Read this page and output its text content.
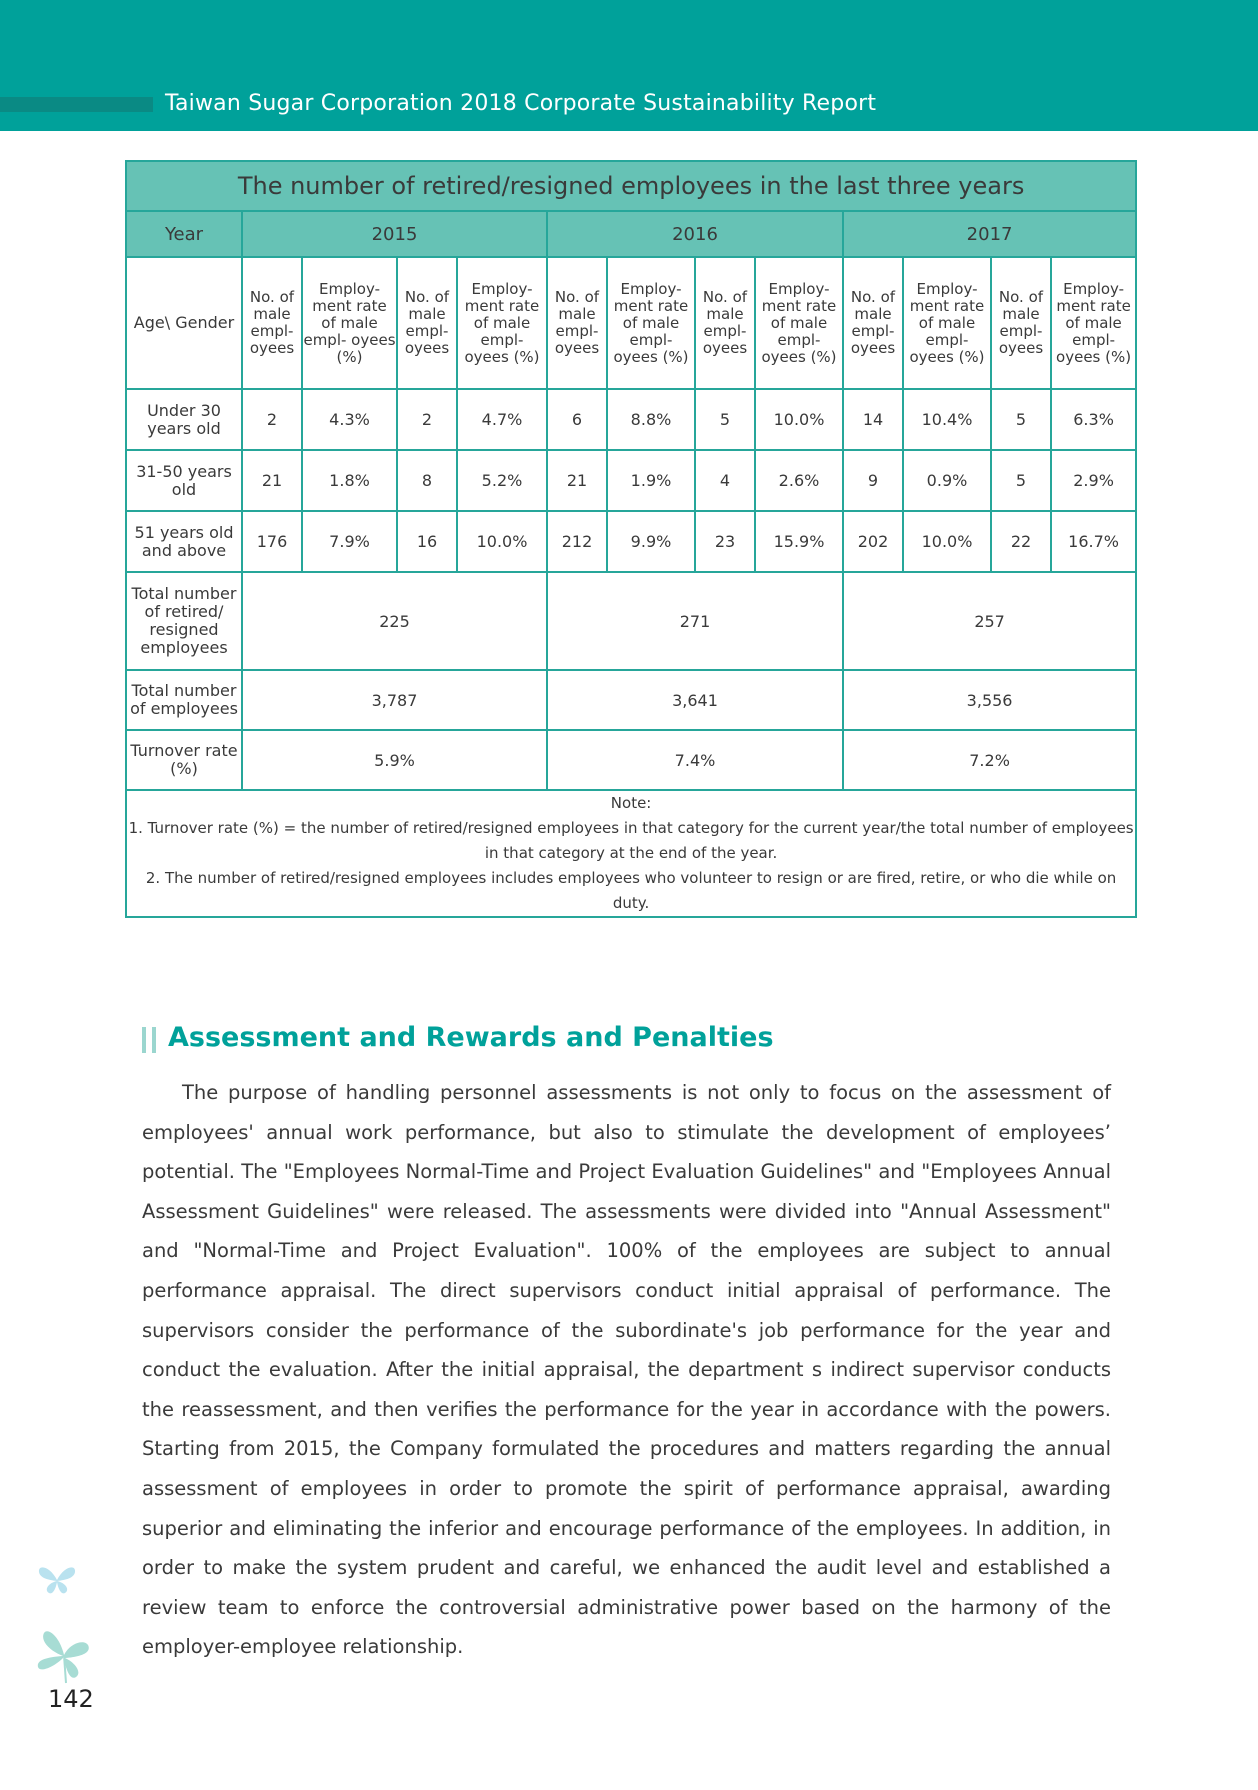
Taiwan Sugar Corporation 2018 Corporate Sustainability Report
The number of retired/resigned employees in the last three years												
Year	2015				2016				2017			
Age\ Gender	No. of male empl- oyees	Employ- ment rate of male empl- oyees (%)	No. of male empl- oyees	Employ- ment rate of male empl- oyees (%)	No. of male empl- oyees	Employ- ment rate of male empl- oyees (%)	No. of male empl- oyees	Employ- ment rate of male empl- oyees (%)	No. of male empl- oyees	Employ- ment rate of male empl- oyees (%)	No. of male empl- oyees	Employ- ment rate of male empl- oyees (%)
Under 30 years old	2	4.3%	2	4.7%	6	8.8%	5	10.0%	14	10.4%	5	6.3%
31-50 years old	21	1.8%	8	5.2%	21	1.9%	4	2.6%	9	0.9%	5	2.9%
51 years old and above	176	7.9%	16	10.0%	212	9.9%	23	15.9%	202	10.0%	22	16.7%
Total number of retired/ resigned employees	225				271				257			
Total number of employees	3,787				3,641				3,556			
Turnover rate (%)	5.9%				7.4%				7.2%			

Note:
1. Turnover rate (%) = the number of retired/resigned employees in that category for the current year/the total number of employees in that category at the end of the year.
2. The number of retired/resigned employees includes employees who volunteer to resign or are fired, retire, or who die while on duty.												
Assessment and Rewards and Penalties
The purpose of handling personnel assessments is not only to focus on the assessment of employees' annual work performance, but also to stimulate the development of employees’ potential. The "Employees Normal-Time and Project Evaluation Guidelines" and "Employees Annual Assessment Guidelines" were released. The assessments were divided into "Annual Assessment" and "Normal-Time and Project Evaluation". 100% of the employees are subject to annual performance appraisal. The direct supervisors conduct initial appraisal of performance. The supervisors consider the performance of the subordinate's job performance for the year and conduct the evaluation. After the initial appraisal, the department s indirect supervisor conducts the reassessment, and then verifies the performance for the year in accordance with the powers. Starting from 2015, the Company formulated the procedures and matters regarding the annual assessment of employees in order to promote the spirit of performance appraisal, awarding superior and eliminating the inferior and encourage performance of the employees. In addition, in order to make the system prudent and careful, we enhanced the audit level and established a review team to enforce the controversial administrative power based on the harmony of the employer-employee relationship.
142
